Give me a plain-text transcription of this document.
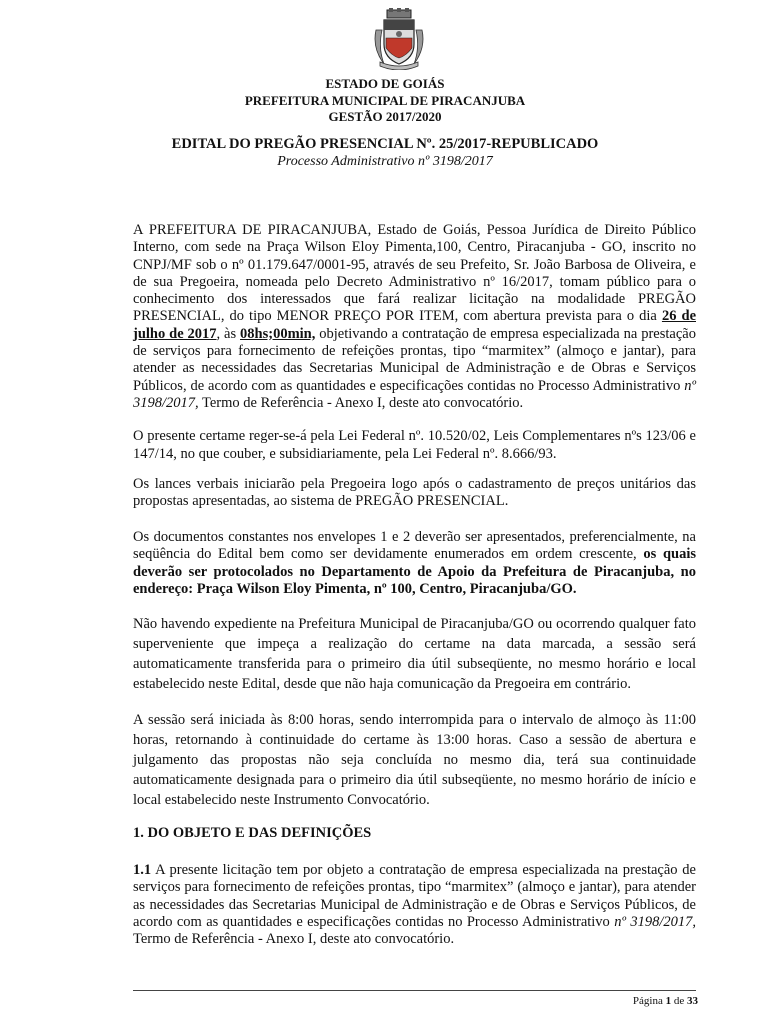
ESTADO DE GOIÁS
PREFEITURA MUNICIPAL DE PIRACANJUBA
GESTÃO 2017/2020
EDITAL DO PREGÃO PRESENCIAL Nº. 25/2017-REPUBLICADO
Processo Administrativo nº 3198/2017
A PREFEITURA DE PIRACANJUBA, Estado de Goiás, Pessoa Jurídica de Direito Público Interno, com sede na Praça Wilson Eloy Pimenta,100, Centro, Piracanjuba - GO, inscrito no CNPJ/MF sob o nº 01.179.647/0001-95, através de seu Prefeito, Sr. João Barbosa de Oliveira, e de sua Pregoeira, nomeada pelo Decreto Administrativo nº 16/2017, tomam público para o conhecimento dos interessados que fará realizar licitação na modalidade PREGÃO PRESENCIAL, do tipo MENOR PREÇO POR ITEM, com abertura prevista para o dia 26 de julho de 2017, às 08hs;00min, objetivando a contratação de empresa especializada na prestação de serviços para fornecimento de refeições prontas, tipo “marmitex” (almoço e jantar), para atender as necessidades das Secretarias Municipal de Administração e de Obras e Serviços Públicos, de acordo com as quantidades e especificações contidas no Processo Administrativo nº 3198/2017, Termo de Referência - Anexo I, deste ato convocatório.
O presente certame reger-se-á pela Lei Federal nº. 10.520/02, Leis Complementares nºs 123/06 e 147/14, no que couber, e subsidiariamente, pela Lei Federal nº. 8.666/93.
Os lances verbais iniciarão pela Pregoeira logo após o cadastramento de preços unitários das propostas apresentadas, ao sistema de PREGÃO PRESENCIAL.
Os documentos constantes nos envelopes 1 e 2 deverão ser apresentados, preferencialmente, na seqüência do Edital bem como ser devidamente enumerados em ordem crescente, os quais deverão ser protocolados no Departamento de Apoio da Prefeitura de Piracanjuba, no endereço: Praça Wilson Eloy Pimenta, nº 100, Centro, Piracanjuba/GO.
Não havendo expediente na Prefeitura Municipal de Piracanjuba/GO ou ocorrendo qualquer fato superveniente que impeça a realização do certame na data marcada, a sessão será automaticamente transferida para o primeiro dia útil subseqüente, no mesmo horário e local estabelecido neste Edital, desde que não haja comunicação da Pregoeira em contrário.
A sessão será iniciada às 8:00 horas, sendo interrompida para o intervalo de almoço às 11:00 horas, retornando à continuidade do certame às 13:00 horas. Caso a sessão de abertura e julgamento das propostas não seja concluída no mesmo dia, terá sua continuidade automaticamente designada para o primeiro dia útil subseqüente, no mesmo horário de início e local estabelecido neste Instrumento Convocatório.
1. DO OBJETO E DAS DEFINIÇÕES
1.1 A presente licitação tem por objeto a contratação de empresa especializada na prestação de serviços para fornecimento de refeições prontas, tipo “marmitex” (almoço e jantar), para atender as necessidades das Secretarias Municipal de Administração e de Obras e Serviços Públicos, de acordo com as quantidades e especificações contidas no Processo Administrativo nº 3198/2017, Termo de Referência - Anexo I, deste ato convocatório.
Página 1 de 33
